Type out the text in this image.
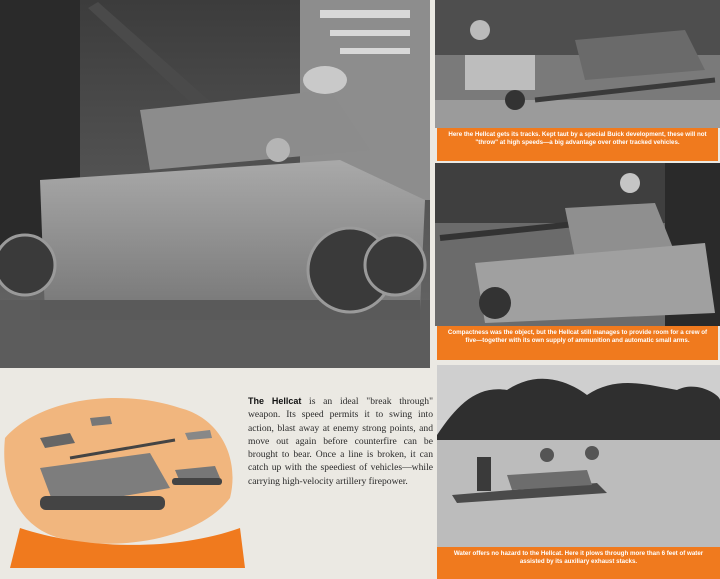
Here the Hellcat gets its tracks. Kept taut by a special Buick development, these will not "throw" at high speeds—a big advantage over other tracked vehicles.
Compactness was the object, but the Hellcat still manages to provide room for a crew of five—together with its own supply of ammunition and automatic small arms.
The Hellcat is an ideal "break through" weapon. Its speed permits it to swing into action, blast away at enemy strong points, and move out again before counterfire can be brought to bear. Once a line is broken, it can catch up with the speediest of vehicles—while carrying high-velocity artillery firepower.
Water offers no hazard to the Hellcat. Here it plows through more than 6 feet of water assisted by its auxiliary exhaust stacks.
